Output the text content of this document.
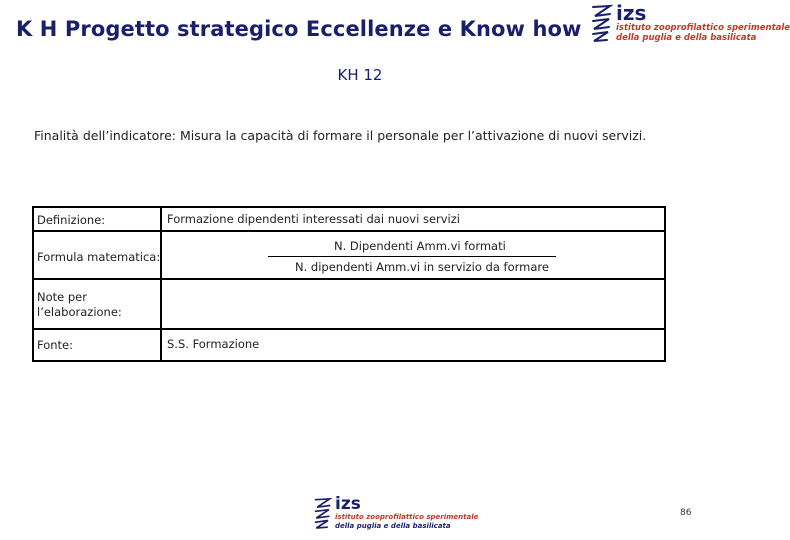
K H Progetto strategico Eccellenze e Know how
izs
istituto zooprofilattico sperimentale
della puglia e della basilicata
KH 12
Finalità dell’indicatore: Misura la capacità di formare il personale per l’attivazione di nuovi servizi.
Definizione:	Formazione dipendenti interessati dai nuovi servizi
Formula matematica:
N. Dipendenti Amm.vi formati
N. dipendenti Amm.vi in servizio da formare
Note per
l’elaborazione:
Fonte:	S.S. Formazione
izs
istituto zooprofilattico sperimentale
della puglia e della basilicata
86
